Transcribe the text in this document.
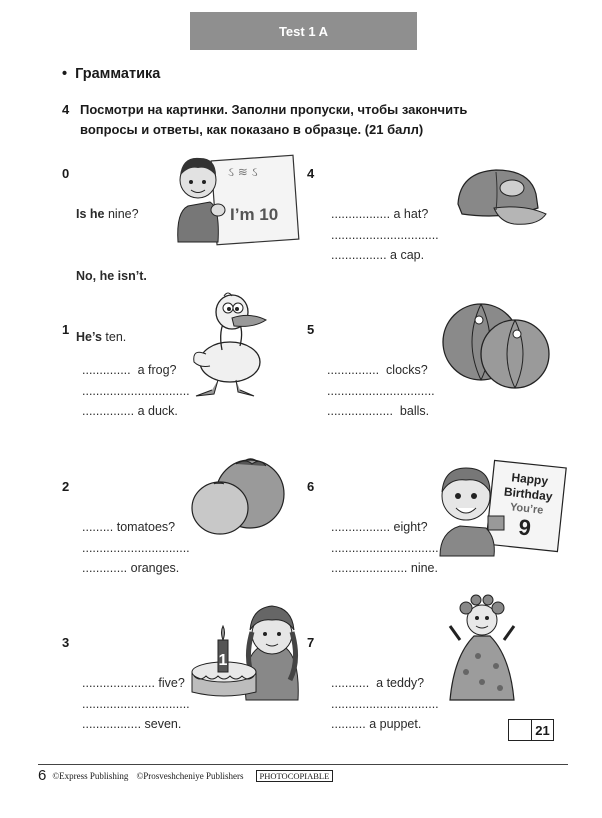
Test 1 A
• Грамматика
4 Посмотри на картинки. Заполни пропуски, чтобы закончить
вопросы и ответы, как показано в образце. (21 балл)
0

Is he nine?

No, he isn’t.

He’s ten.

1

..............  a frog?
...............................
............... a duck.

2

......... tomatoes?
...............................
............. oranges.

3

..................... five?
...............................
................. seven.

4

................. a hat?
...............................
................ a cap.

5

...............  clocks?
...............................
...................  balls.

6

................. eight?
...............................
...................... nine.

7

...........  a teddy?
...............................
.......... a puppet.

ઽ ≋ ઽ
I’m 10
1
Happy
Birthday
You’re
9
21
6 ©Express Publishing ©Prosveshcheniye Publishers	PHOTOCOPIABLE
